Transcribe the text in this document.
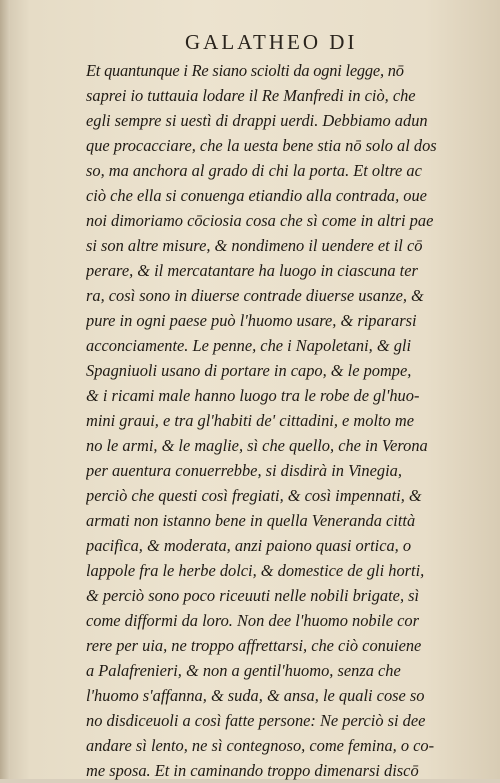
GALATHEO DI
Et quantunque i Re siano sciolti da ogni legge, nō
saprei io tuttauia lodare il Re Manfredi in ciò, che
egli sempre si uestì di drappi uerdi. Debbiamo adun
que procacciare, che la uesta bene stia nō solo al dos
so, ma anchora al grado di chi la porta. Et oltre ac
ciò che ella si conuenga etiandio alla contrada, oue
noi dimoriamo cōciosia cosa che sì come in altri pae
si son altre misure, & nondimeno il uendere et il cō
perare, & il mercatantare ha luogo in ciascuna ter
ra, così sono in diuerse contrade diuerse usanze, &
pure in ogni paese può l'huomo usare, & ripararsi
acconciamente. Le penne, che i Napoletani, & gli
Spagniuoli usano di portare in capo, & le pompe,
& i ricami male hanno luogo tra le robe de gl'huo-
mini graui, e tra gl'habiti de' cittadini, e molto me
no le armi, & le maglie, sì che quello, che in Verona
per auentura conuerrebbe, si disdirà in Vinegia,
perciò che questi così fregiati, & così impennati, &
armati non istanno bene in quella Veneranda città
pacifica, & moderata, anzi paiono quasi ortica, o
lappole fra le herbe dolci, & domestice de gli horti,
& perciò sono poco riceuuti nelle nobili brigate, sì
come difformi da loro. Non dee l'huomo nobile cor
rere per uia, ne troppo affrettarsi, che ciò conuiene
a Palafrenieri, & non a gentil'huomo, senza che
l'huomo s'affanna, & suda, & ansa, le quali cose so
no disdiceuoli a così fatte persone: Ne perciò si dee
andare sì lento, ne sì contegnoso, come femina, o co-
me sposa. Et in caminando troppo dimenarsi discō
